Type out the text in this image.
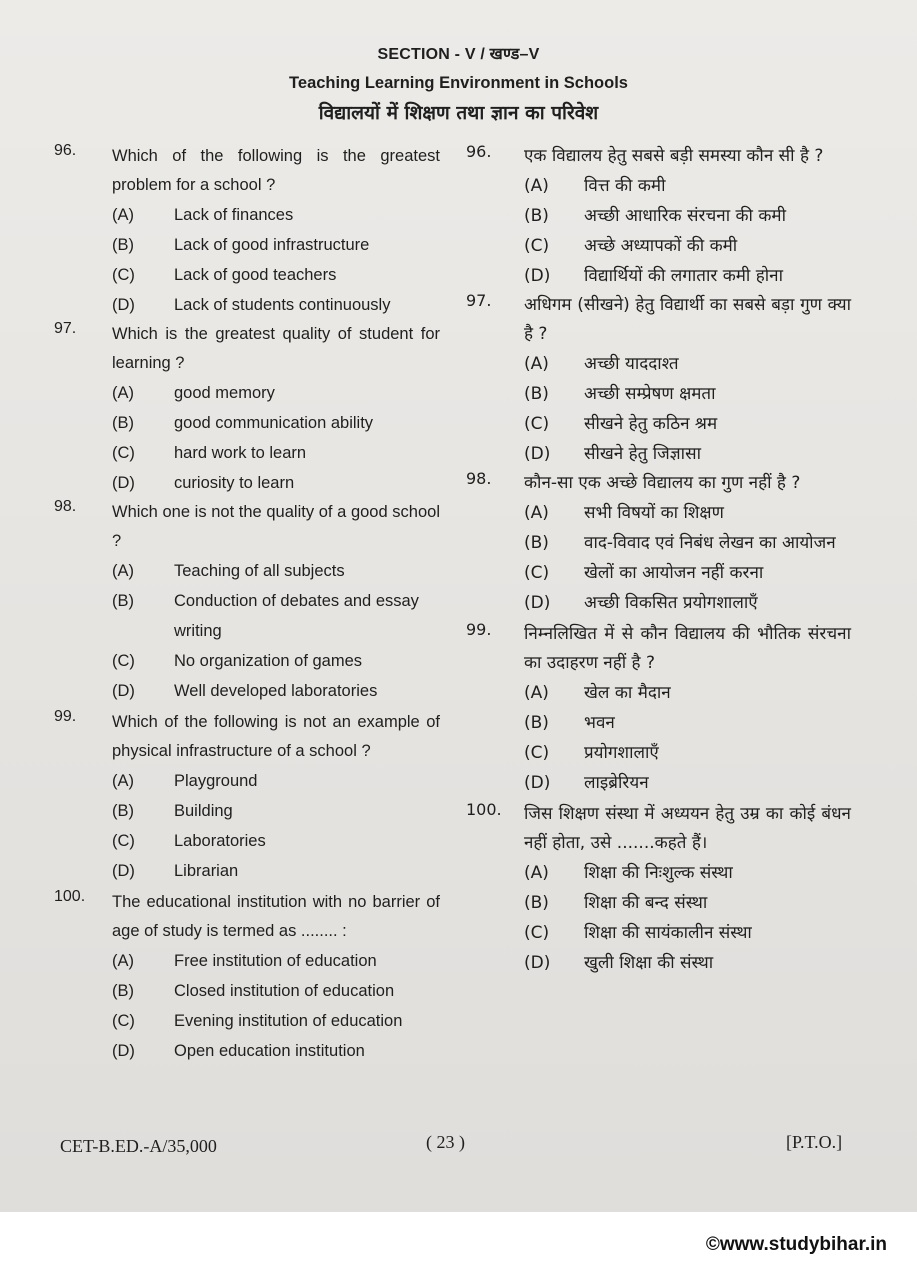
SECTION - V / खण्ड–V
Teaching Learning Environment in Schools
विद्यालयों में शिक्षण तथा ज्ञान का परिवेश
96.	Which of the following is the greatest problem for a school ?
(A)	Lack of finances
(B)	Lack of good infrastructure
(C)	Lack of good teachers
(D)	Lack of students continuously
97.	Which is the greatest quality of student for learning ?
(A)	good memory
(B)	good communication ability
(C)	hard work to learn
(D)	curiosity to learn
98.	Which one is not the quality of a good school ?
(A)	Teaching of all subjects
(B)	Conduction of debates and essay writing
(C)	No organization of games
(D)	Well developed laboratories
99.	Which of the following is not an example of physical infrastructure of a school ?
(A)	Playground
(B)	Building
(C)	Laboratories
(D)	Librarian
100.	The educational institution with no barrier of age of study is termed as ........ :
(A)	Free institution of education
(B)	Closed institution of education
(C)	Evening institution of education
(D)	Open education institution
96.	एक विद्यालय हेतु सबसे बड़ी समस्या कौन सी है ?
(A)	वित्त की कमी
(B)	अच्छी आधारिक संरचना की कमी
(C)	अच्छे अध्यापकों की कमी
(D)	विद्यार्थियों की लगातार कमी होना
97.	अधिगम (सीखने) हेतु विद्यार्थी का सबसे बड़ा गुण क्या है ?
(A)	अच्छी याददाश्त
(B)	अच्छी सम्प्रेषण क्षमता
(C)	सीखने हेतु कठिन श्रम
(D)	सीखने हेतु जिज्ञासा
98.	कौन-सा एक अच्छे विद्यालय का गुण नहीं है ?
(A)	सभी विषयों का शिक्षण
(B)	वाद-विवाद एवं निबंध लेखन का आयोजन
(C)	खेलों का आयोजन नहीं करना
(D)	अच्छी विकसित प्रयोगशालाएँ
99.	निम्नलिखित में से कौन विद्यालय की भौतिक संरचना का उदाहरण नहीं है ?
(A)	खेल का मैदान
(B)	भवन
(C)	प्रयोगशालाएँ
(D)	लाइब्रेरियन
100.	जिस शिक्षण संस्था में अध्ययन हेतु उम्र का कोई बंधन नहीं होता, उसे .......कहते हैं।
(A)	शिक्षा की निःशुल्क संस्था
(B)	शिक्षा की बन्द संस्था
(C)	शिक्षा की सायंकालीन संस्था
(D)	खुली शिक्षा की संस्था
CET-B.ED.-A/35,000	( 23 )	[P.T.O.]
©www.studybihar.in
